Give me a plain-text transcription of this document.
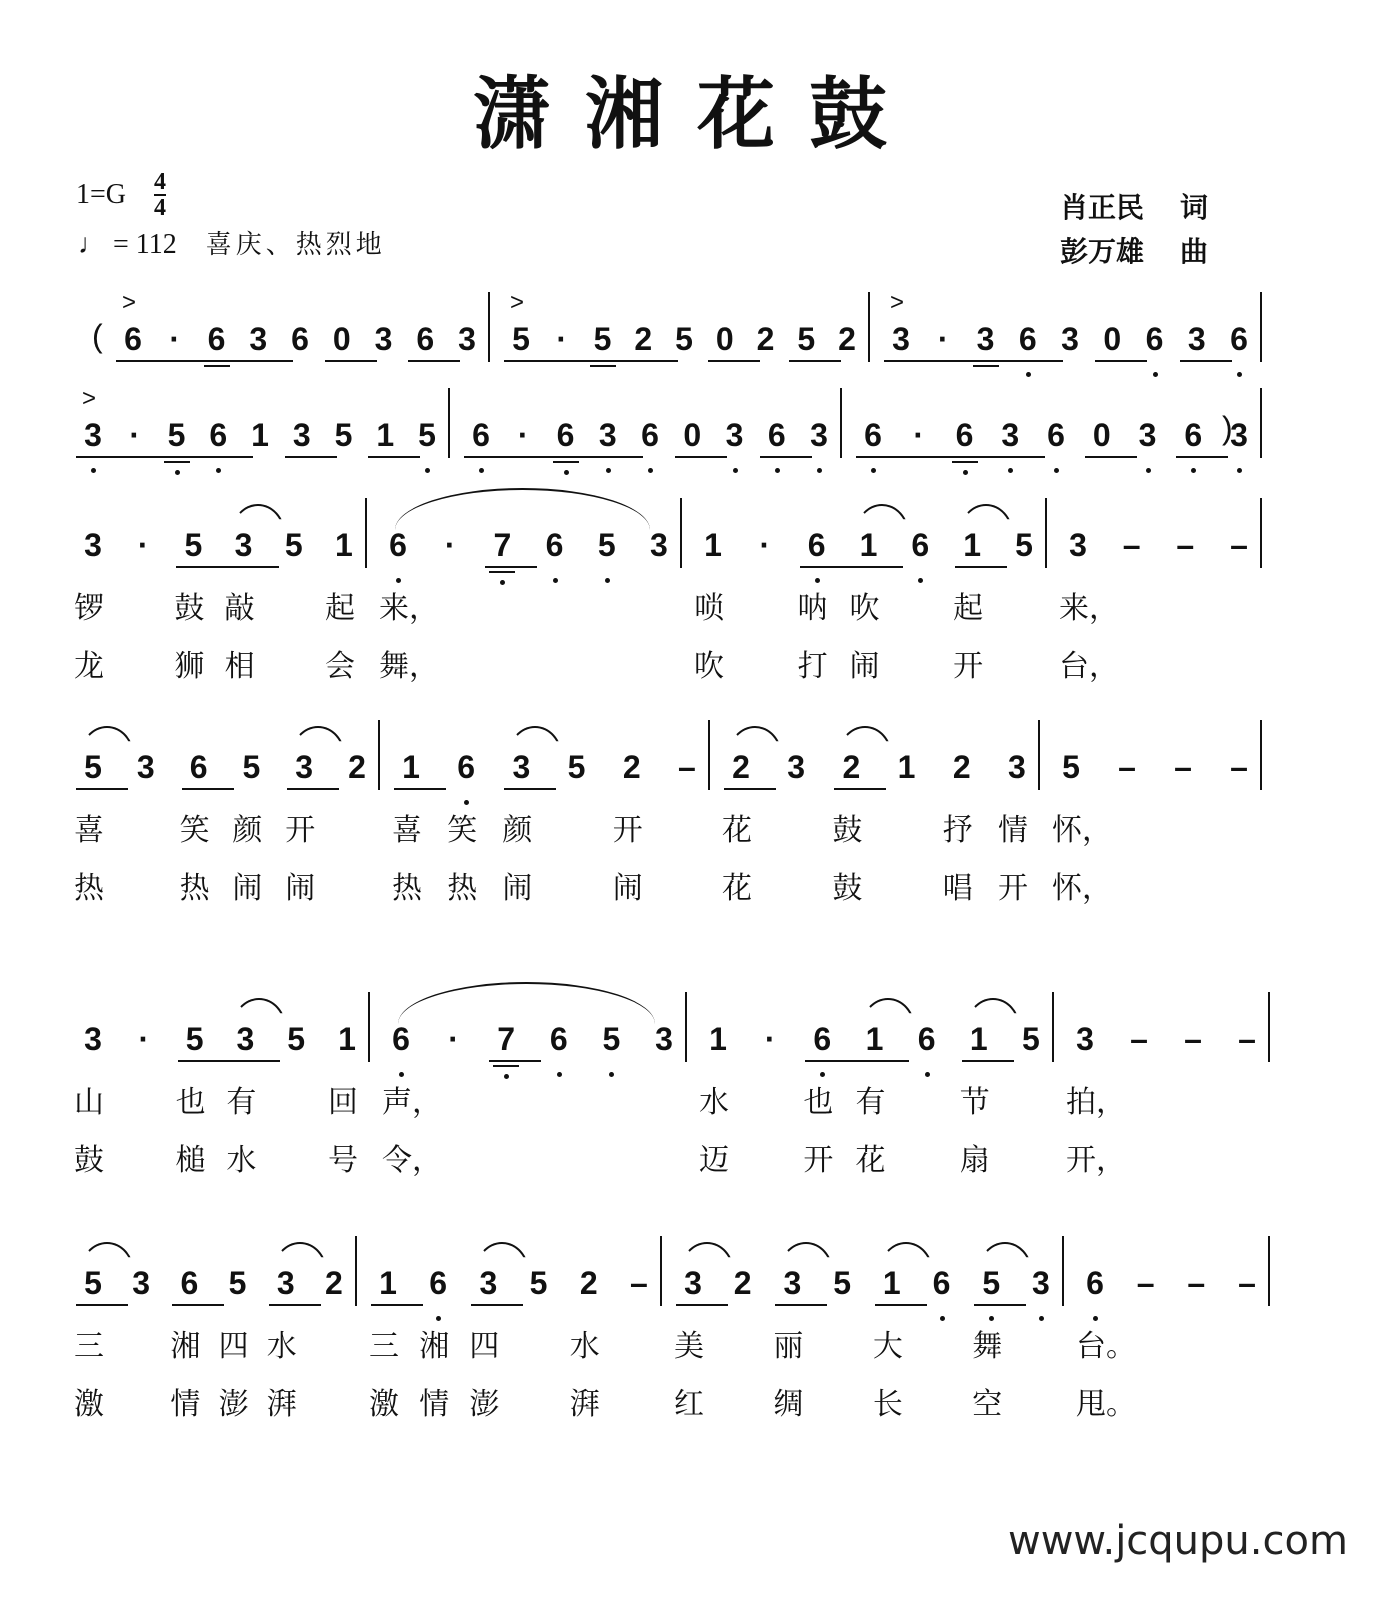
潇湘花鼓
$1=G \frac{4}{4}$
♩ = 112 喜庆、热烈地
肖正民 词
彭万雄 曲
6
>
· 6 3 6 0 3 6 3 5
>
· 5 2 5 0 2 5 2 3
>
· 3 6 3 0 6 3 6
3
>
· 5 6 1 3 5 1 5 6 · 6 3 6 0 3 6 3 6 · 6 3 6 0 3 6 3
3
锣
龙
· 5
鼓
狮
3
敲
相
5 1
起
会
6
来，
舞，
· 7 6 5 3 1
唢
吹
· 6
呐
打
1
吹
闹
6 1
起
开
5 3
来，
台，
– – –
5
喜
热
3 6
笑
热
5
颜
闹
3
开
闹
2 1
喜
热
6
笑
热
3
颜
闹
5 2
开
闹
– 2
花
花
3 2
鼓
鼓
1 2
抒
唱
3
情
开
5
怀，
怀，
– – –
3
山
鼓
· 5
也
槌
3
有
水
5 1
回
号
6
声，
令，
· 7 6 5 3 1
水
迈
· 6
也
开
1
有
花
6 1
节
扇
5 3
拍，
开，
– – –
5
三
激
3 6
湘
情
5
四
澎
3
水
湃
2 1
三
激
6
湘
情
3
四
澎
5 2
水
湃
– 3
美
红
2 3
丽
绸
5 1
大
长
6 5
舞
空
3 6
台。
甩。
– – –
(
)
www.jcqupu.com
